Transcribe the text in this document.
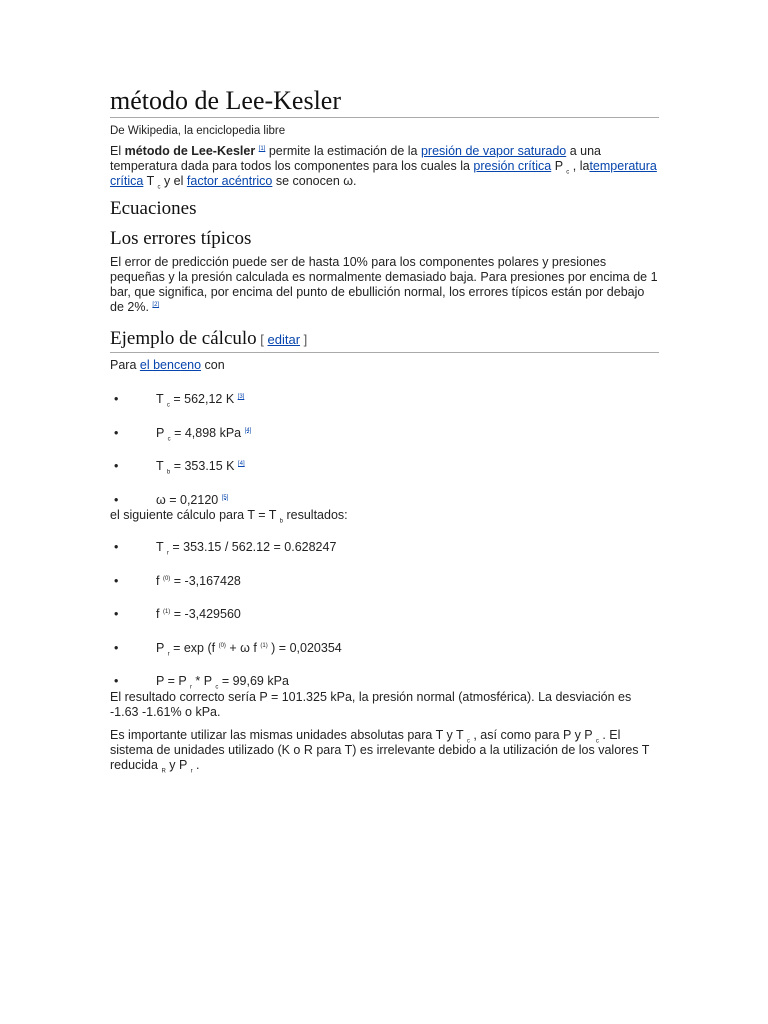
método de Lee-Kesler
De Wikipedia, la enciclopedia libre

El método de Lee-Kesler [1] permite la estimación de la presión de vapor saturado a una temperatura dada para todos los componentes para los cuales la presión crítica P $_c$ , latemperatura crítica T $_c$ y el factor acéntrico se conocen ω.

Ecuaciones
Los errores típicos

El error de predicción puede ser de hasta 10% para los componentes polares y presiones pequeñas y la presión calculada es normalmente demasiado baja. Para presiones por encima de 1 bar, que significa, por encima del punto de ebullición normal, los errores típicos están por debajo de 2%. [2]

Ejemplo de cálculo [ editar ]

Para el benceno con

•	T $_c$ = 562,12 K [3]
•	P $_c$ = 4,898 kPa [4]
•	T $_b$ = 353.15 K [4]
•	ω = 0,2120 [5]

el siguiente cálculo para T = T $_b$ resultados:

•	T $_r$ = 353.15 / 562.12 = 0.628247
•	f $^{(0)}$ = -3,167428
•	f $^{(1)}$ = -3,429560
•	P $_r$ = exp (f $^{(0)}$ + ω f $^{(1)}$ ) = 0,020354
•	P = P $_r$ * P $_c$ = 99,69 kPa

El resultado correcto sería P = 101.325 kPa, la presión normal (atmosférica). La desviación es -1.63 -1.61% o kPa.

Es importante utilizar las mismas unidades absolutas para T y T $_c$ , así como para P y P $_c$ . El sistema de unidades utilizado (K o R para T) es irrelevante debido a la utilización de los valores T reducida $_R$ y P $_r$ .
